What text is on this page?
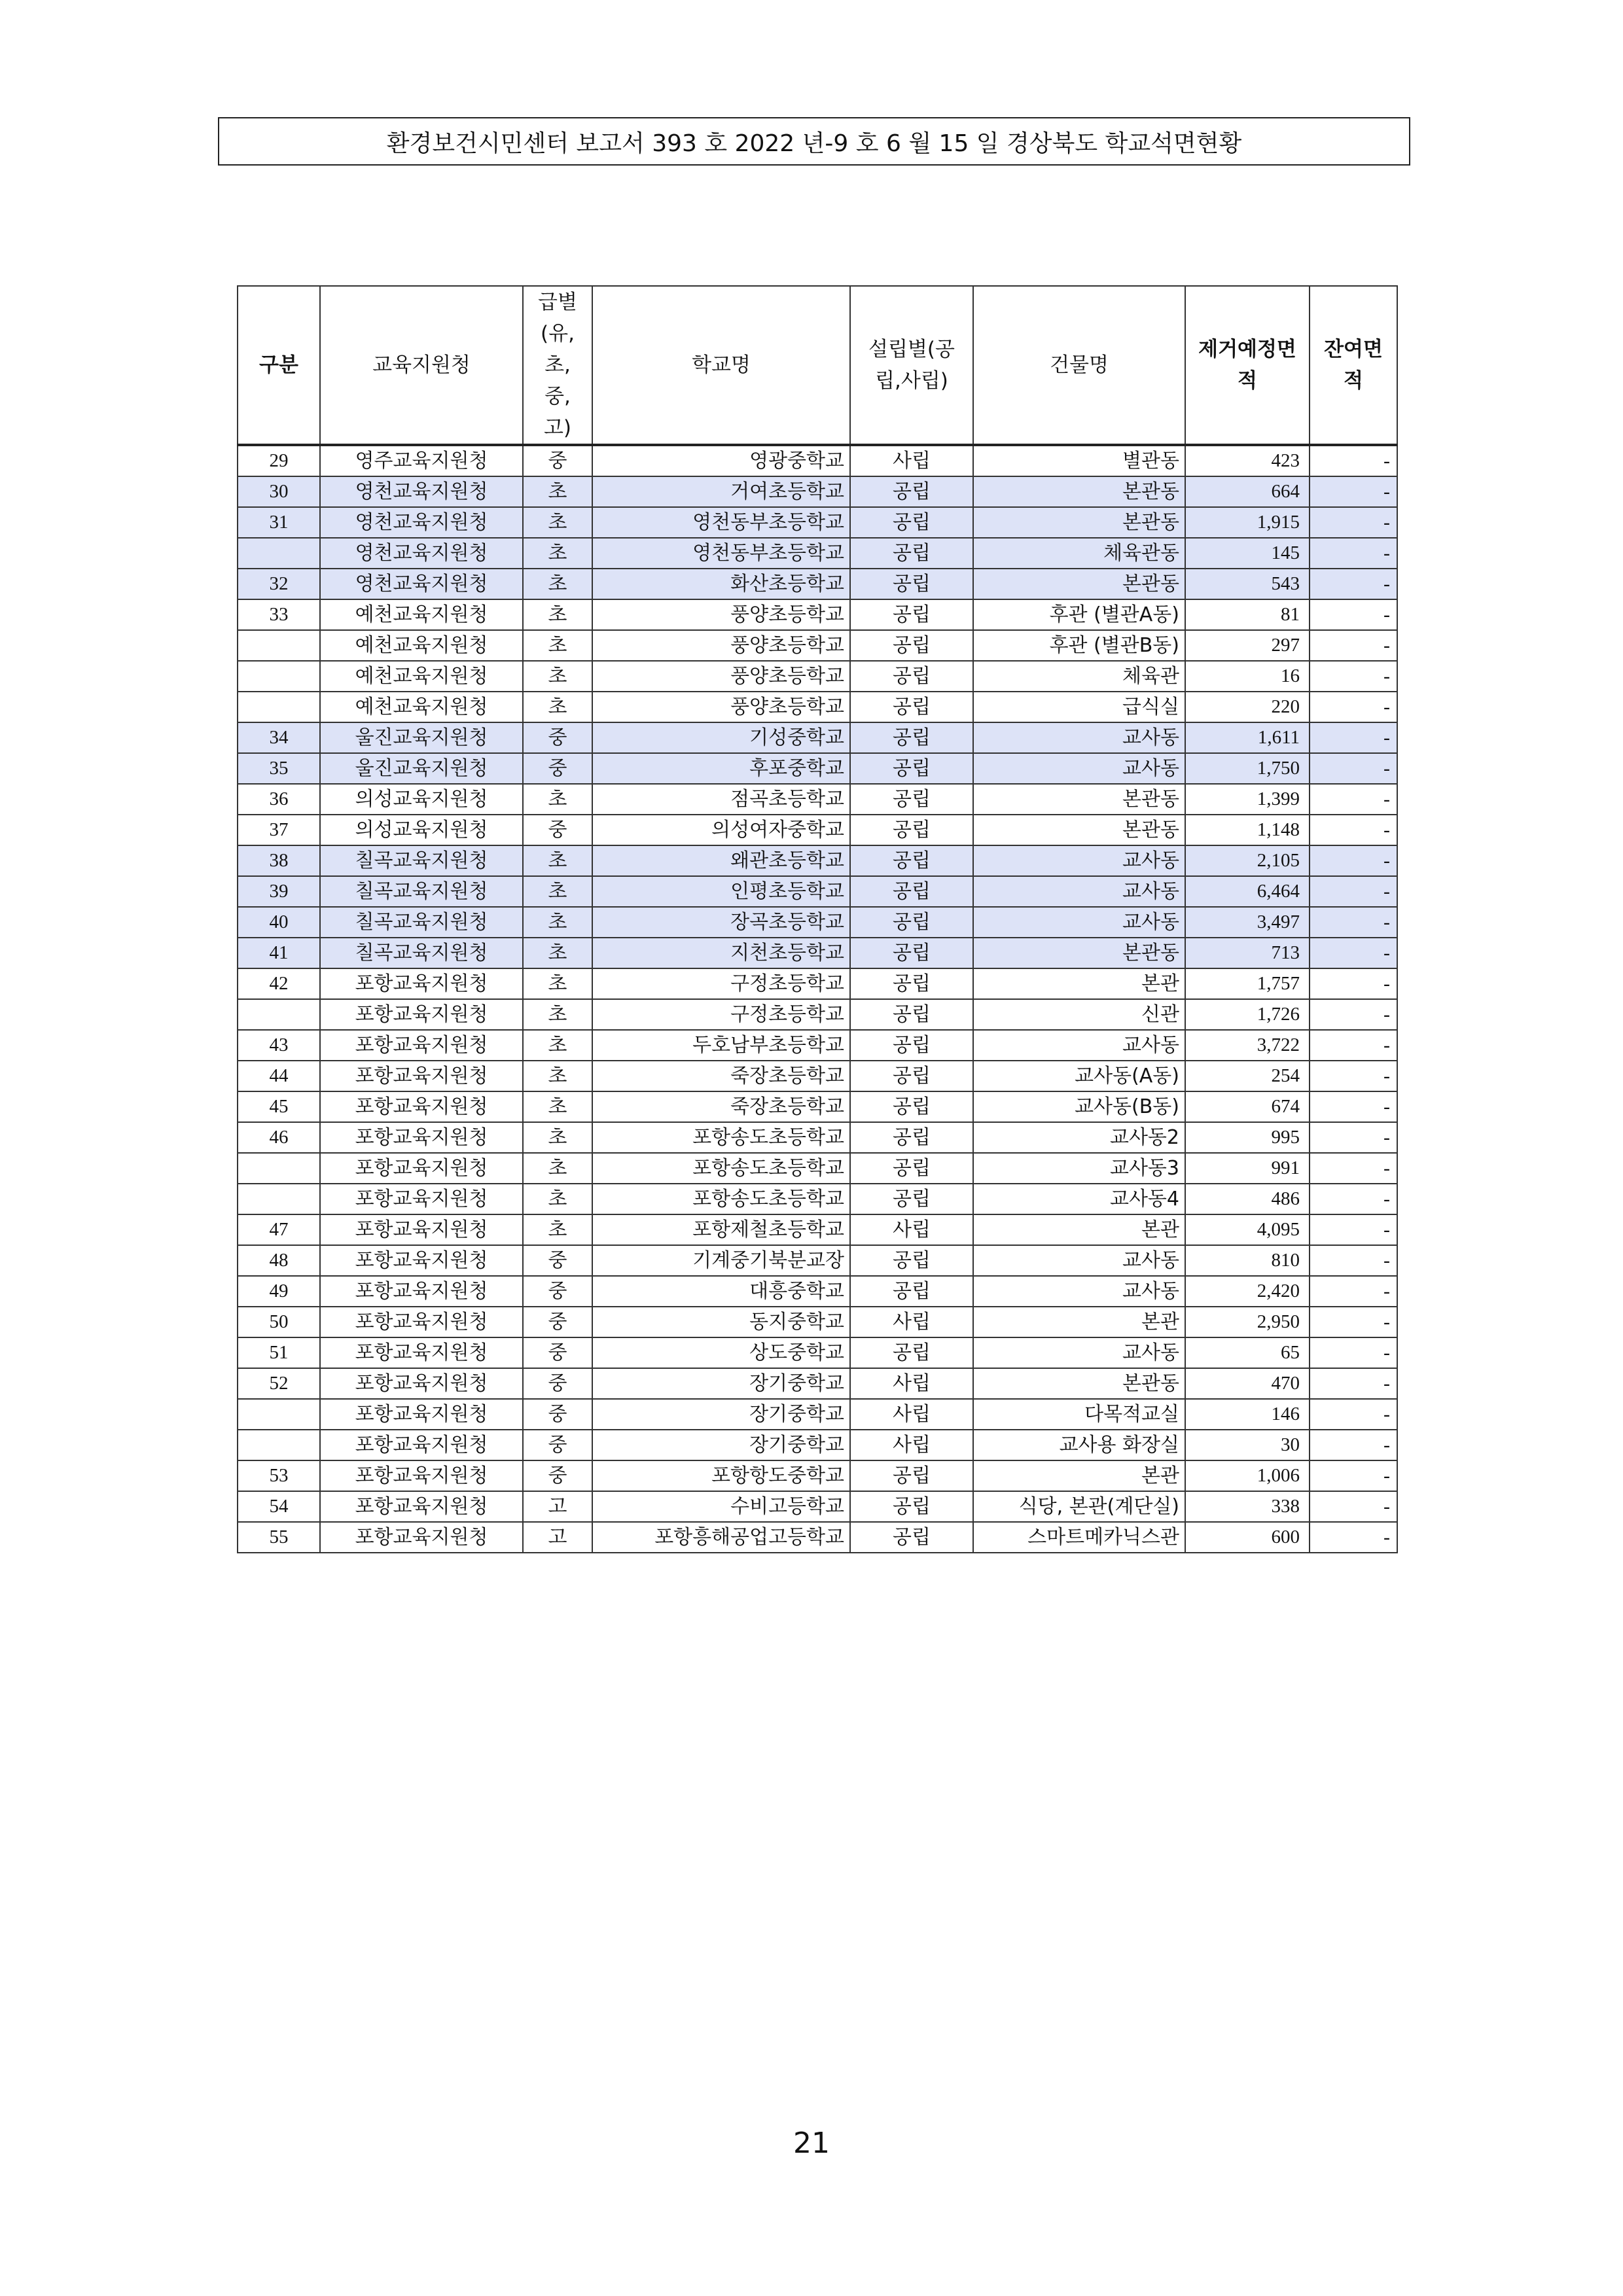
환경보건시민센터 보고서 393 호 2022 년-9 호 6 월 15 일 경상북도 학교석면현황
구분	교육지원청	급별(유,초,중,고)	학교명	설립별(공립,사립)	건물명	제거예정면적	잔여면적
29	영주교육지원청	중	영광중학교	사립	별관동	423	-
30	영천교육지원청	초	거여초등학교	공립	본관동	664	-
31	영천교육지원청	초	영천동부초등학교	공립	본관동	1,915	-
	영천교육지원청	초	영천동부초등학교	공립	체육관동	145	-
32	영천교육지원청	초	화산초등학교	공립	본관동	543	-
33	예천교육지원청	초	풍양초등학교	공립	후관 (별관A동)	81	-
	예천교육지원청	초	풍양초등학교	공립	후관 (별관B동)	297	-
	예천교육지원청	초	풍양초등학교	공립	체육관	16	-
	예천교육지원청	초	풍양초등학교	공립	급식실	220	-
34	울진교육지원청	중	기성중학교	공립	교사동	1,611	-
35	울진교육지원청	중	후포중학교	공립	교사동	1,750	-
36	의성교육지원청	초	점곡초등학교	공립	본관동	1,399	-
37	의성교육지원청	중	의성여자중학교	공립	본관동	1,148	-
38	칠곡교육지원청	초	왜관초등학교	공립	교사동	2,105	-
39	칠곡교육지원청	초	인평초등학교	공립	교사동	6,464	-
40	칠곡교육지원청	초	장곡초등학교	공립	교사동	3,497	-
41	칠곡교육지원청	초	지천초등학교	공립	본관동	713	-
42	포항교육지원청	초	구정초등학교	공립	본관	1,757	-
	포항교육지원청	초	구정초등학교	공립	신관	1,726	-
43	포항교육지원청	초	두호남부초등학교	공립	교사동	3,722	-
44	포항교육지원청	초	죽장초등학교	공립	교사동(A동)	254	-
45	포항교육지원청	초	죽장초등학교	공립	교사동(B동)	674	-
46	포항교육지원청	초	포항송도초등학교	공립	교사동2	995	-
	포항교육지원청	초	포항송도초등학교	공립	교사동3	991	-
	포항교육지원청	초	포항송도초등학교	공립	교사동4	486	-
47	포항교육지원청	초	포항제철초등학교	사립	본관	4,095	-
48	포항교육지원청	중	기계중기북분교장	공립	교사동	810	-
49	포항교육지원청	중	대흥중학교	공립	교사동	2,420	-
50	포항교육지원청	중	동지중학교	사립	본관	2,950	-
51	포항교육지원청	중	상도중학교	공립	교사동	65	-
52	포항교육지원청	중	장기중학교	사립	본관동	470	-
	포항교육지원청	중	장기중학교	사립	다목적교실	146	-
	포항교육지원청	중	장기중학교	사립	교사용 화장실	30	-
53	포항교육지원청	중	포항항도중학교	공립	본관	1,006	-
54	포항교육지원청	고	수비고등학교	공립	식당, 본관(계단실)	338	-
55	포항교육지원청	고	포항흥해공업고등학교	공립	스마트메카닉스관	600	-
21
